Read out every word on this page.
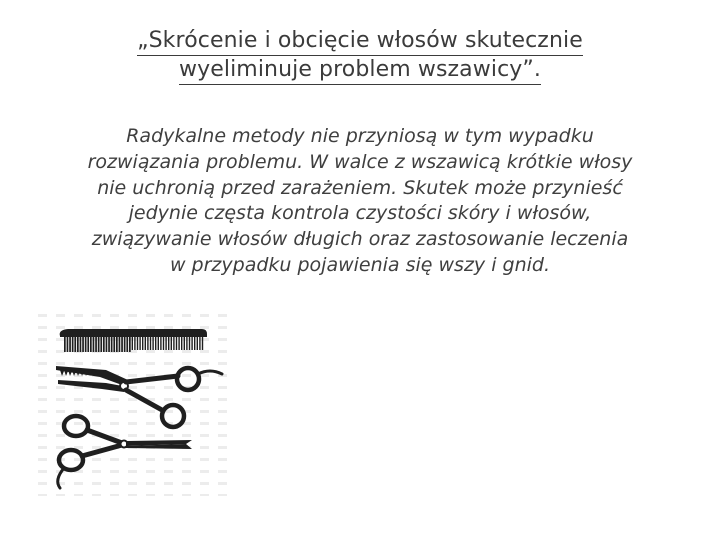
„Skrócenie i obcięcie włosów skutecznie
wyeliminuje problem wszawicy”.
Radykalne metody nie przyniosą w tym wypadku
rozwiązania problemu. W walce z wszawicą krótkie włosy
nie uchronią przed zarażeniem. Skutek może przynieść
jedynie częsta kontrola czystości skóry i włosów,
związywanie włosów długich oraz zastosowanie leczenia
w przypadku pojawienia się wszy i gnid.
